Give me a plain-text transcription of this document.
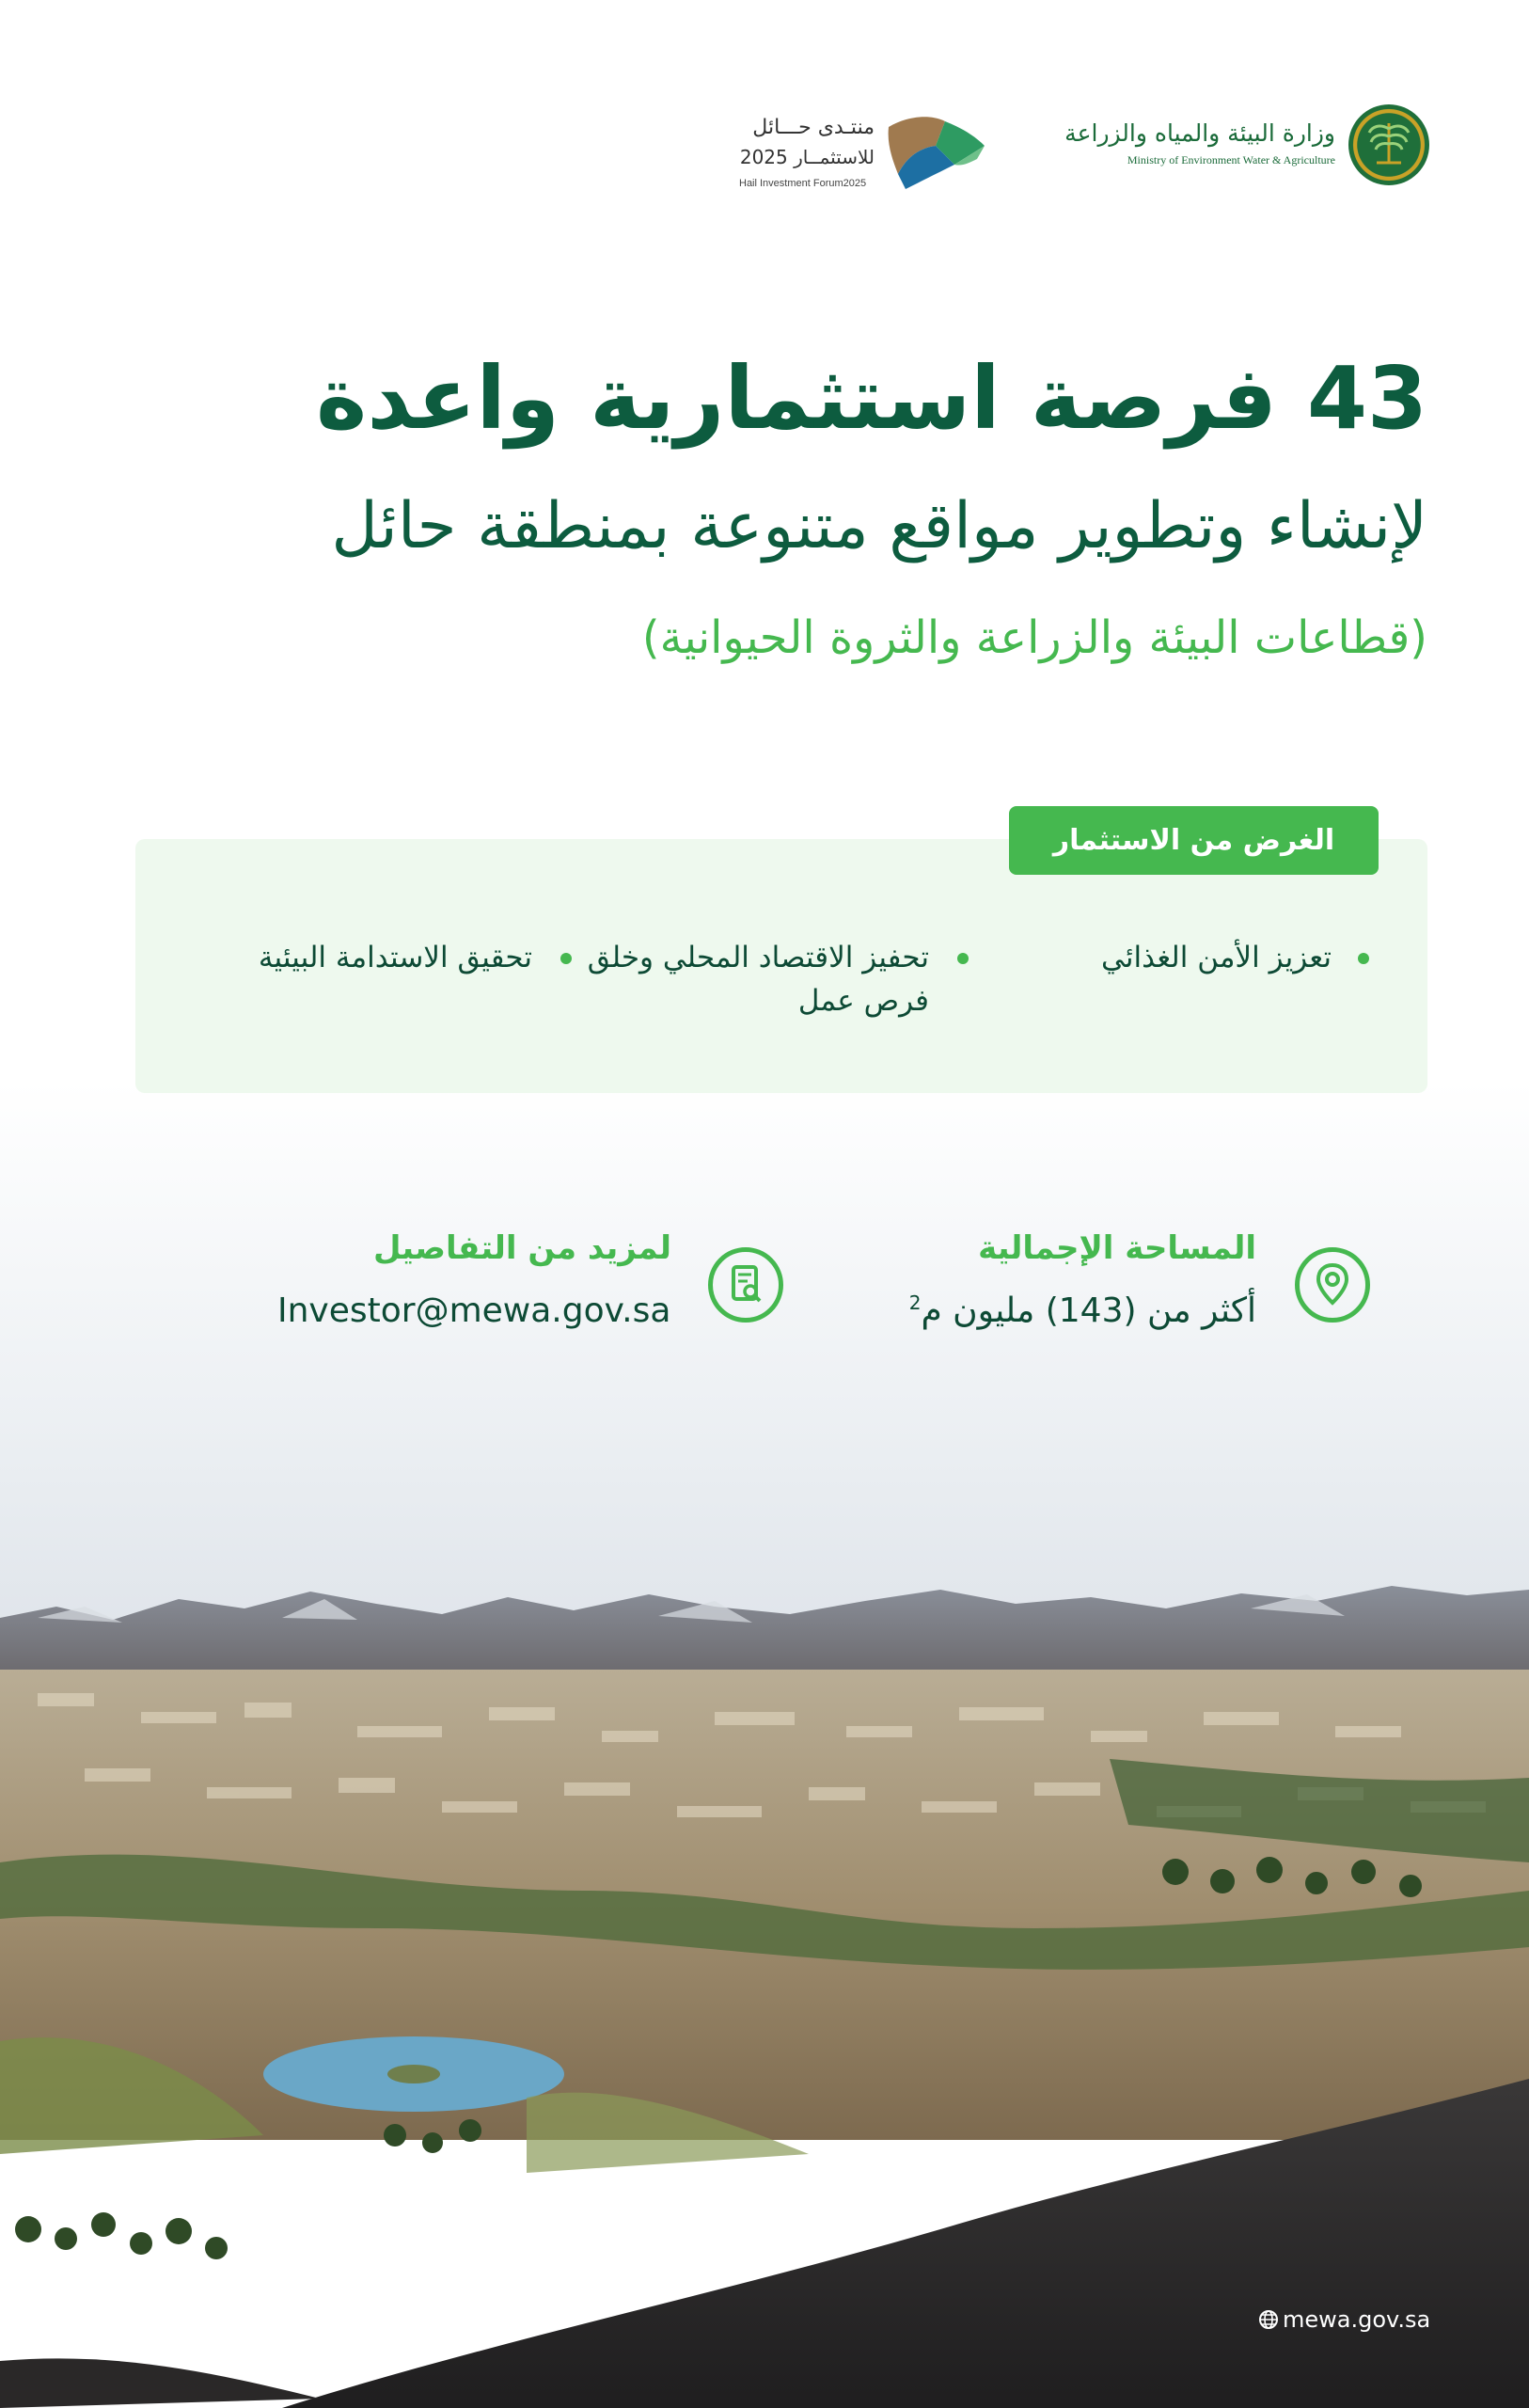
وزارة البيئة والمياه والزراعة
Ministry of Environment Water & Agriculture
منتـدى حـــائل
للاستثمــار 2025
Hail Investment Forum2025
43 فرصة استثمارية واعدة
لإنشاء وتطوير مواقع متنوعة بمنطقة حائل
(قطاعات البيئة والزراعة والثروة الحيوانية)
الغرض من الاستثمار
تعزيز الأمن الغذائي
تحفيز الاقتصاد المحلي وخلق فرص عمل
تحقيق الاستدامة البيئية
المساحة الإجمالية
أكثر من (143) مليون م$^2$
لمزيد من التفاصيل
Investor@mewa.gov.sa
@ mewa_ksa ✆ 939	mewa.gov.sa
